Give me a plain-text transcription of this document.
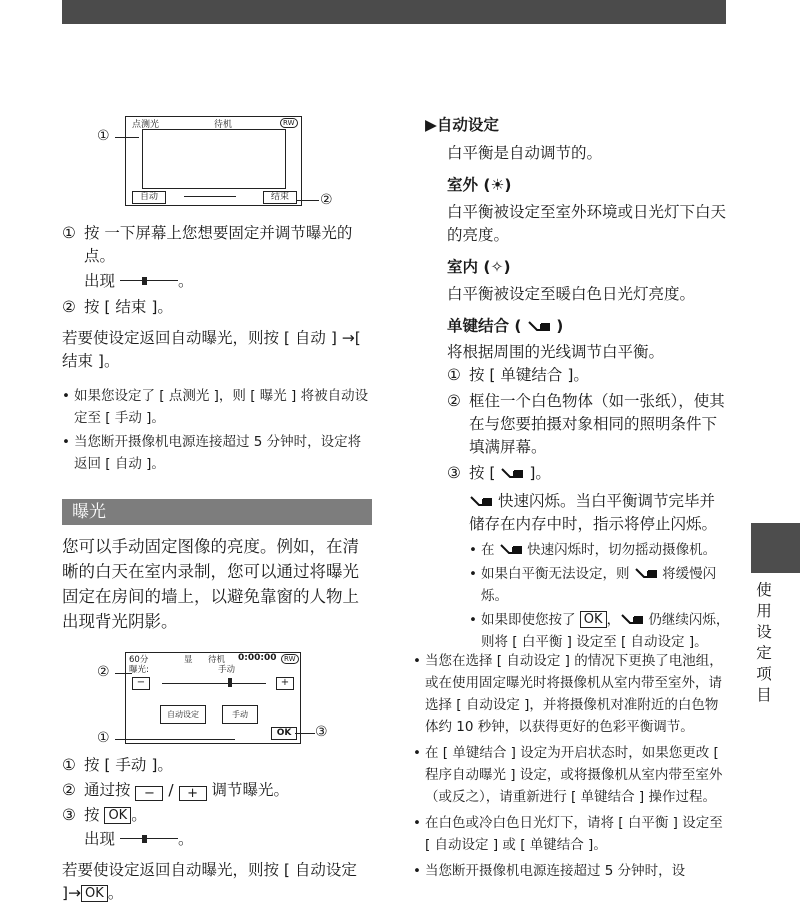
点测光	待机	RW
自动	结束
①
②
① 按 一下屏幕上您想要固定并调节曝光的点。
出现	。
② 按 [ 结束 ]。
若要使设定返回自动曝光，则按 [ 自动 ] →[ 结束 ]。
• 如果您设定了 [ 点测光 ]，则 [ 曝光 ] 将被自动设定至 [ 手动 ]。
• 当您断开摄像机电源连接超过 5 分钟时，设定将返回 [ 自动 ]。
曝光
您可以手动固定图像的亮度。例如，在清晰的白天在室内录制，您可以通过将曝光固定在房间的墙上，以避免靠窗的人物上出现背光阴影。
60分	显 待机 0:00:00	RW
曝光:	手动
−	+
自动设定	手动
OK
②
①	③
① 按 [ 手动 ]。
② 通过按 − / + 调节曝光。
③ 按 OK 。
出现	。
若要使设定返回自动曝光，则按 [ 自动设定 ]→ OK 。
▶自动设定
白平衡是自动调节的。
室外 (☀)
白平衡被设定至室外环境或日光灯下白天的亮度。
室内 (✧)
白平衡被设定至暖白色日光灯亮度。
单键结合 ( )
将根据周围的光线调节白平衡。
① 按 [ 单键结合 ]。
② 框住一个白色物体（如一张纸），使其在与您要拍摄对象相同的照明条件下填满屏幕。
③ 按 [ ]。
快速闪烁。当白平衡调节完毕并储存在内存中时，指示将停止闪烁。
• 在 快速闪烁时，切勿摇动摄像机。
• 如果白平衡无法设定，则 将缓慢闪烁。
• 如果即使您按了 OK ， 仍继续闪烁，则将 [ 白平衡 ] 设定至 [ 自动设定 ]。
• 当您在选择 [ 自动设定 ] 的情况下更换了电池组，或在使用固定曝光时将摄像机从室内带至室外，请选择 [ 自动设定 ]，并将摄像机对准附近的白色物体约 10 秒钟，以获得更好的色彩平衡调节。
• 在 [ 单键结合 ] 设定为开启状态时，如果您更改 [ 程序自动曝光 ] 设定，或将摄像机从室内带至室外（或反之），请重新进行 [ 单键结合 ] 操作过程。
• 在白色或冷白色日光灯下，请将 [ 白平衡 ] 设定至 [ 自动设定 ] 或 [ 单键结合 ]。
• 当您断开摄像机电源连接超过 5 分钟时，设
使用设定项目
